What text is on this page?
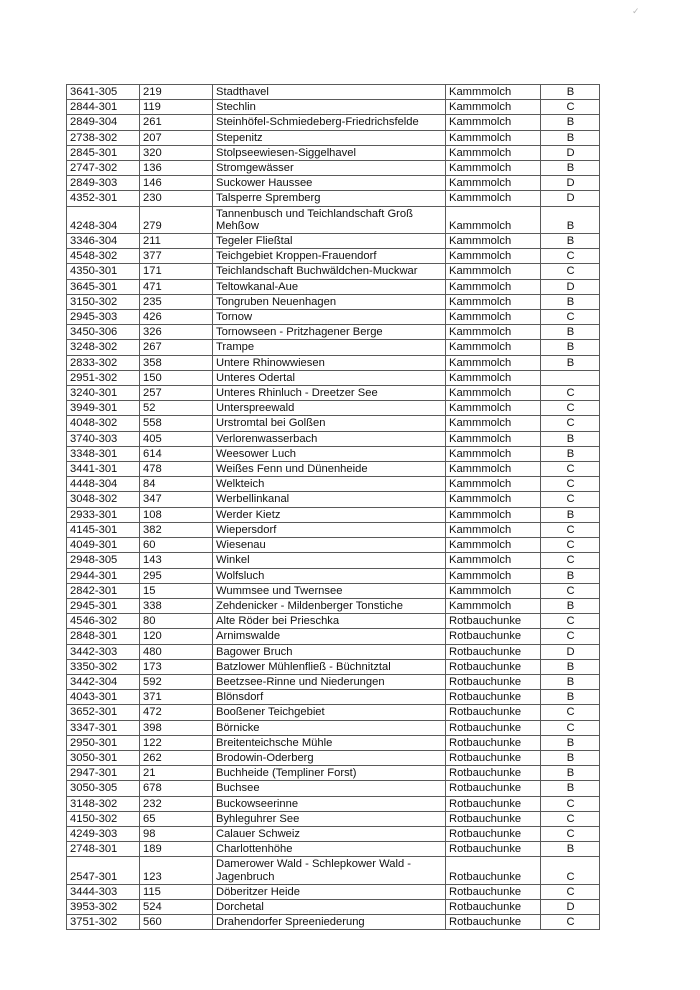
✓
3641-305	219	Stadthavel	Kammmolch	B
2844-301	119	Stechlin	Kammmolch	C
2849-304	261	Steinhöfel-Schmiedeberg-Friedrichsfelde	Kammmolch	B
2738-302	207	Stepenitz	Kammmolch	B
2845-301	320	Stolpseewiesen-Siggelhavel	Kammmolch	D
2747-302	136	Stromgewässer	Kammmolch	B
2849-303	146	Suckower Haussee	Kammmolch	D
4352-301	230	Talsperre Spremberg	Kammmolch	D
4248-304	279	Tannenbusch und Teichlandschaft Groß Mehßow	Kammmolch	B
3346-304	211	Tegeler Fließtal	Kammmolch	B
4548-302	377	Teichgebiet Kroppen-Frauendorf	Kammmolch	C
4350-301	171	Teichlandschaft Buchwäldchen-Muckwar	Kammmolch	C
3645-301	471	Teltowkanal-Aue	Kammmolch	D
3150-302	235	Tongruben Neuenhagen	Kammmolch	B
2945-303	426	Tornow	Kammmolch	C
3450-306	326	Tornowseen - Pritzhagener Berge	Kammmolch	B
3248-302	267	Trampe	Kammmolch	B
2833-302	358	Untere Rhinowwiesen	Kammmolch	B
2951-302	150	Unteres Odertal	Kammmolch	
3240-301	257	Unteres Rhinluch - Dreetzer See	Kammmolch	C
3949-301	52	Unterspreewald	Kammmolch	C
4048-302	558	Urstromtal bei Golßen	Kammmolch	C
3740-303	405	Verlorenwasserbach	Kammmolch	B
3348-301	614	Weesower Luch	Kammmolch	B
3441-301	478	Weißes Fenn und Dünenheide	Kammmolch	C
4448-304	84	Welkteich	Kammmolch	C
3048-302	347	Werbellinkanal	Kammmolch	C
2933-301	108	Werder Kietz	Kammmolch	B
4145-301	382	Wiepersdorf	Kammmolch	C
4049-301	60	Wiesenau	Kammmolch	C
2948-305	143	Winkel	Kammmolch	C
2944-301	295	Wolfsluch	Kammmolch	B
2842-301	15	Wummsee und Twernsee	Kammmolch	C
2945-301	338	Zehdenicker - Mildenberger Tonstiche	Kammmolch	B
4546-302	80	Alte Röder bei Prieschka	Rotbauchunke	C
2848-301	120	Arnimswalde	Rotbauchunke	C
3442-303	480	Bagower Bruch	Rotbauchunke	D
3350-302	173	Batzlower Mühlenfließ - Büchnitztal	Rotbauchunke	B
3442-304	592	Beetzsee-Rinne und Niederungen	Rotbauchunke	B
4043-301	371	Blönsdorf	Rotbauchunke	B
3652-301	472	Booßener Teichgebiet	Rotbauchunke	C
3347-301	398	Börnicke	Rotbauchunke	C
2950-301	122	Breitenteichsche Mühle	Rotbauchunke	B
3050-301	262	Brodowin-Oderberg	Rotbauchunke	B
2947-301	21	Buchheide (Templiner Forst)	Rotbauchunke	B
3050-305	678	Buchsee	Rotbauchunke	B
3148-302	232	Buckowseerinne	Rotbauchunke	C
4150-302	65	Byhleguhrer See	Rotbauchunke	C
4249-303	98	Calauer Schweiz	Rotbauchunke	C
2748-301	189	Charlottenhöhe	Rotbauchunke	B
2547-301	123	Damerower Wald - Schlepkower Wald - Jagenbruch	Rotbauchunke	C
3444-303	115	Döberitzer Heide	Rotbauchunke	C
3953-302	524	Dorchetal	Rotbauchunke	D
3751-302	560	Drahendorfer Spreeniederung	Rotbauchunke	C
